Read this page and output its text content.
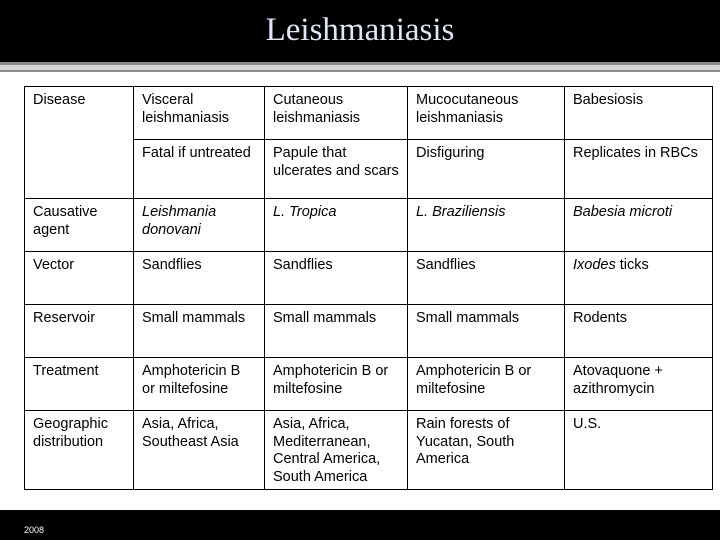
Leishmaniasis
Disease	Visceral leishmaniasis	Cutaneous leishmaniasis	Mucocutaneous leishmaniasis	Babesiosis
	Fatal if untreated	Papule that ulcerates and scars	Disfiguring	Replicates in RBCs
Causative agent	Leishmania donovani	L. Tropica	L. Braziliensis	Babesia microti
Vector	Sandflies	Sandflies	Sandflies	Ixodes ticks
Reservoir	Small mammals	Small mammals	Small mammals	Rodents
Treatment	Amphotericin B or miltefosine	Amphotericin B or miltefosine	Amphotericin B or miltefosine	Atovaquone + azithromycin
Geographic distribution	Asia, Africa, Southeast Asia	Asia, Africa, Mediterranean, Central America, South America	Rain forests of Yucatan, South America	U.S.
2008
